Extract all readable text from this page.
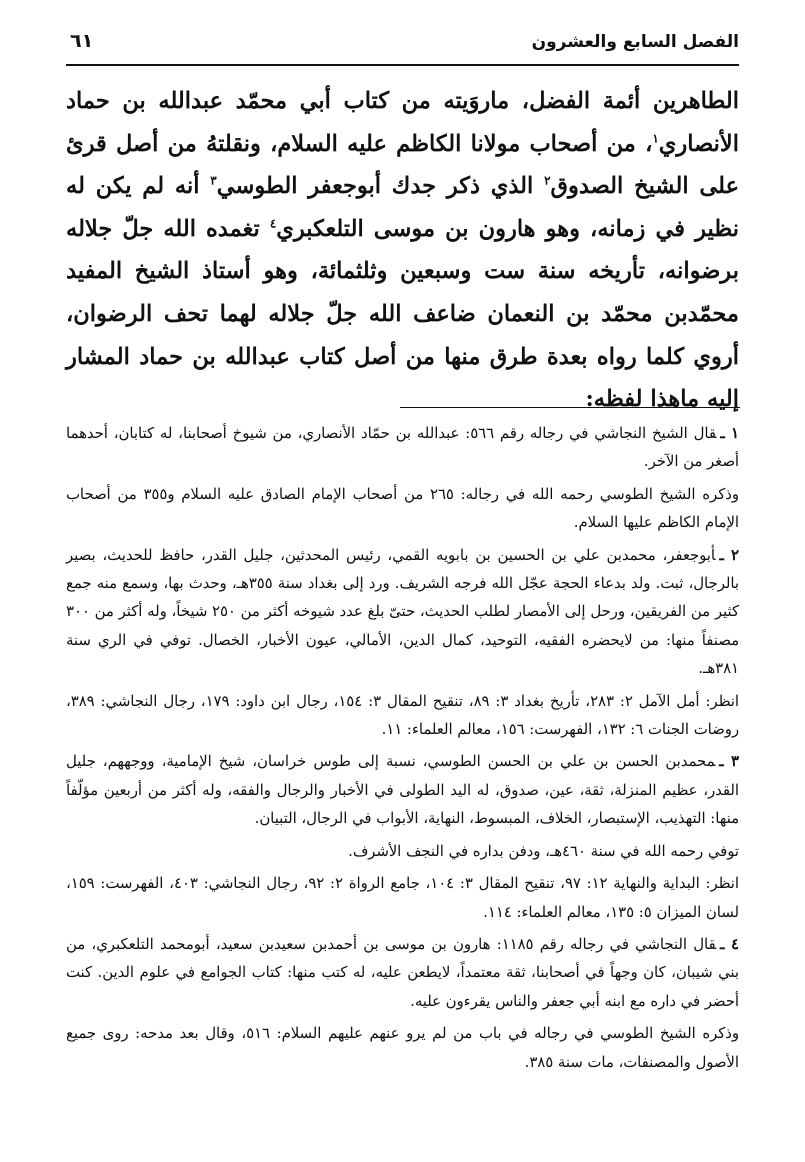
الفصل السابع والعشرون
٦١

الطاهرين أئمة الفضل، ماروَيته من كتاب أبي محمّد عبدالله بن حماد الأنصاري$^١$، من أصحاب مولانا الكاظم عليه السلام، ونقلتهُ من أصل قرئ على الشيخ الصدوق$^٢$ الذي ذكر جدك أبوجعفر الطوسي$^٣$ أنه لم يكن له نظير في زمانه، وهو هارون بن موسى التلعكبري$^٤$ تغمده الله جلّ جلاله برضوانه، تأريخه سنة ست وسبعين وثلثمائة، وهو أستاذ الشيخ المفيد محمّدبن محمّد بن النعمان ضاعف الله جلّ جلاله لهما تحف الرضوان، أروي كلما رواه بعدة طرق منها من أصل كتاب عبدالله بن حماد المشار إليه ماهذا لفظه:

١ ـقال الشيخ النجاشي في رجاله رقم ٥٦٦: عبدالله بن حمّاد الأنصاري، من شيوخ أصحابنا، له كتابان، أحدهما أصغر من الآخر.

وذكره الشيخ الطوسي رحمه الله في رجاله: ٢٦٥ من أصحاب الإمام الصادق عليه السلام و٣٥٥ من أصحاب الإمام الكاظم عليها السلام.

٢ ـأبوجعفر، محمدبن علي بن الحسين بن بابويه القمي، رئيس المحدثين، جليل القدر، حافظ للحديث، بصير بالرجال، ثبت. ولد بدعاء الحجة عجّل الله فرجه الشريف. ورد إلى بغداد سنة ٣٥٥هـ، وحدث بها، وسمع منه جمع كثير من الفريقين، ورحل إلى الأمصار لطلب الحديث، حتىّ بلغ عدد شيوخه أكثر من ٢٥٠ شيخاً، وله أكثر من ٣٠٠ مصنفاً منها: من لايحضره الفقيه، التوحيد، كمال الدين، الأمالي، عيون الأخبار، الخصال. توفي في الري سنة ٣٨١هـ.

انظر: أمل الآمل ٢: ٢٨٣، تأريخ بغداد ٣: ٨٩، تنقيح المقال ٣: ١٥٤، رجال ابن داود: ١٧٩، رجال النجاشي: ٣٨٩، روضات الجنات ٦: ١٣٢، الفهرست: ١٥٦، معالم العلماء: ١١.

٣ ـمحمدبن الحسن بن علي بن الحسن الطوسي، نسبة إلى طوس خراسان، شيخ الإمامية، ووجههم، جليل القدر، عظيم المنزلة، ثقة، عين، صدوق، له اليد الطولى في الأخبار والرجال والفقه، وله أكثر من أربعين مؤلّفاً منها: التهذيب، الإستبصار، الخلاف، المبسوط، النهاية، الأبواب في الرجال، التبيان.

توفي رحمه الله في سنة ٤٦٠هـ، ودفن بداره في النجف الأشرف.

انظر: البداية والنهاية ١٢: ٩٧، تنقيح المقال ٣: ١٠٤، جامع الرواة ٢: ٩٢، رجال النجاشي: ٤٠٣، الفهرست: ١٥٩، لسان الميزان ٥: ١٣٥، معالم العلماء: ١١٤.

٤ ـقال النجاشي في رجاله رقم ١١٨٥: هارون بن موسى بن أحمدبن سعيدبن سعيد، أبومحمد التلعكبري، من بني شيبان، كان وجهاً في أصحابنا، ثقة معتمداً، لايطعن عليه، له كتب منها: كتاب الجوامع في علوم الدين. كنت أحضر في داره مع ابنه أبي جعفر والناس يقرءون عليه.

وذكره الشيخ الطوسي في رجاله في باب من لم يرو عنهم عليهم السلام: ٥١٦، وقال بعد مدحه: روى جميع الأصول والمصنفات، مات سنة ٣٨٥.
